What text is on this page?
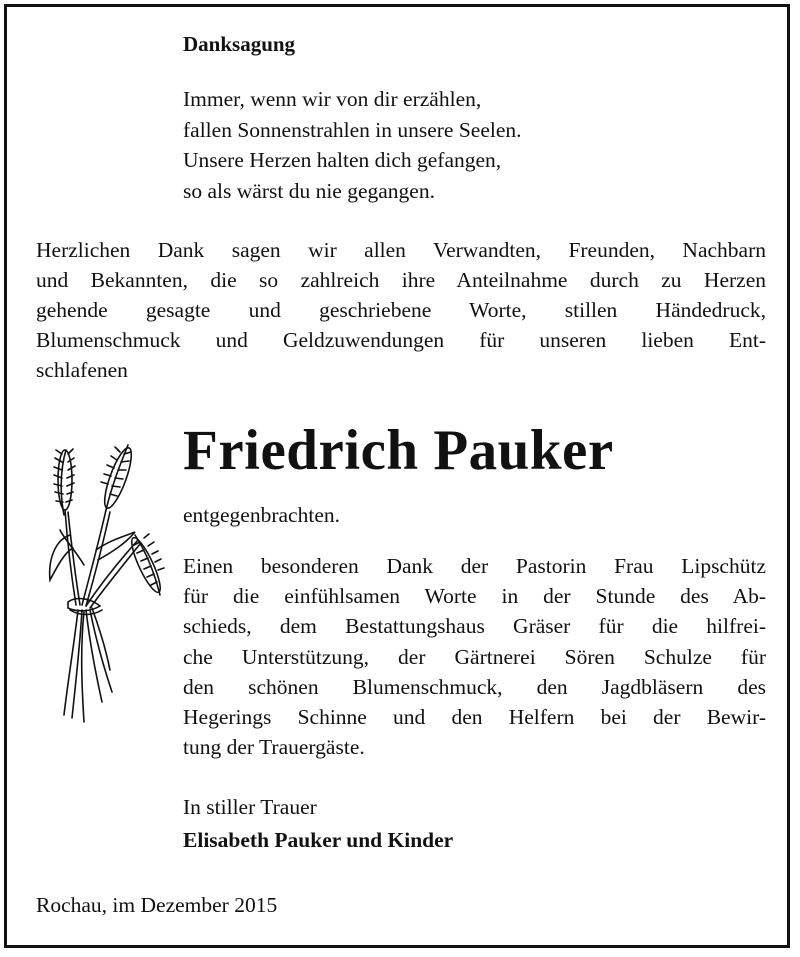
Danksagung
Immer, wenn wir von dir erzählen,
fallen Sonnenstrahlen in unsere Seelen.
Unsere Herzen halten dich gefangen,
so als wärst du nie gegangen.
Herzlichen Dank sagen wir allen Verwandten, Freunden, Nachbarn
und Bekannten, die so zahlreich ihre Anteilnahme durch zu Herzen
gehende gesagte und geschriebene Worte, stillen Händedruck,
Blumenschmuck und Geldzuwendungen für unseren lieben Ent-
schlafenen
Friedrich Pauker

entgegenbrachten.

Einen besonderen Dank der Pastorin Frau Lipschütz
für die einfühlsamen Worte in der Stunde des Ab-
schieds, dem Bestattungshaus Gräser für die hilfrei-
che Unterstützung, der Gärtnerei Sören Schulze für
den schönen Blumenschmuck, den Jagdbläsern des
Hegerings Schinne und den Helfern bei der Bewir-
tung der Trauergäste.

In stiller Trauer

Elisabeth Pauker und Kinder

Rochau, im Dezember 2015
